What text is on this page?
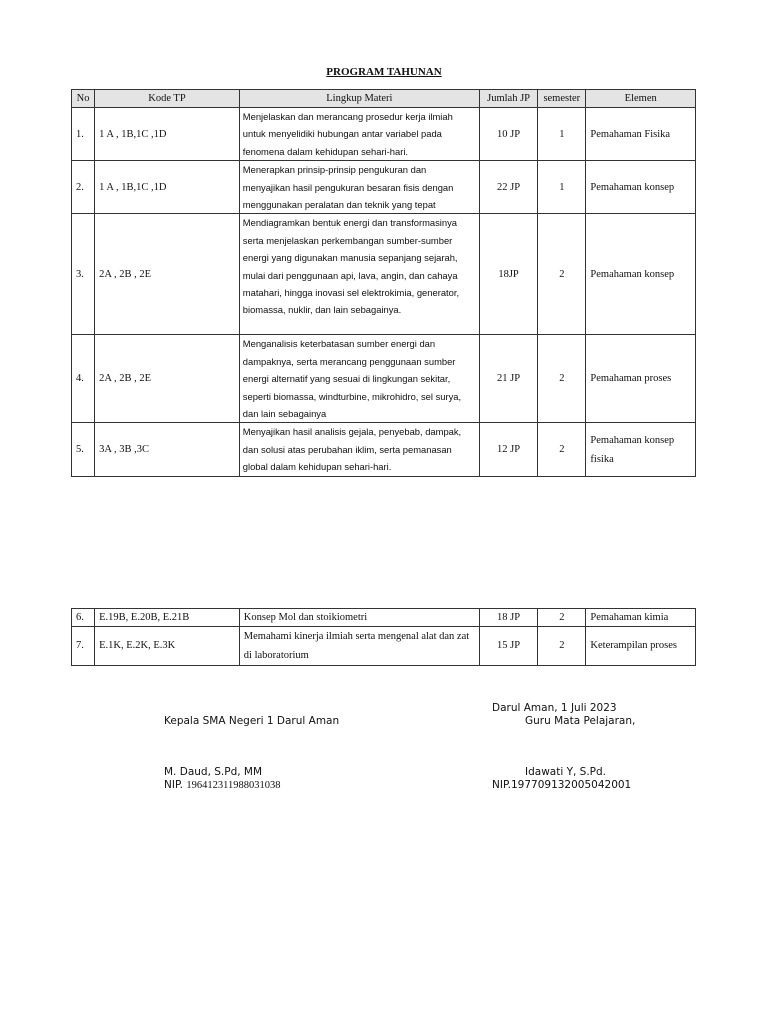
PROGRAM TAHUNAN
No	Kode TP	Lingkup Materi	Jumlah JP	semester	Elemen
1.	1 A , 1B,1C ,1D	Menjelaskan dan merancang prosedur kerja ilmiah untuk menyelidiki hubungan antar variabel pada fenomena dalam kehidupan sehari-hari.	10 JP	1	Pemahaman Fisika
2.	1 A , 1B,1C ,1D	Menerapkan prinsip-prinsip pengukuran dan menyajikan hasil pengukuran besaran fisis dengan menggunakan peralatan dan teknik yang tepat	22 JP	1	Pemahaman konsep
3.	2A , 2B , 2E	Mendiagramkan bentuk energi dan transformasinya serta menjelaskan perkembangan sumber-sumber energi yang digunakan manusia sepanjang sejarah, mulai dari penggunaan api, lava, angin, dan cahaya matahari, hingga inovasi sel elektrokimia, generator, biomassa, nuklir, dan lain sebagainya.	18JP	2	Pemahaman konsep
4.	2A , 2B , 2E	Menganalisis keterbatasan sumber energi dan dampaknya, serta merancang penggunaan sumber energi alternatif yang sesuai di lingkungan sekitar, seperti biomassa, windturbine, mikrohidro, sel surya, dan lain sebagainya	21 JP	2	Pemahaman proses
5.	3A , 3B ,3C	Menyajikan hasil analisis gejala, penyebab, dampak, dan solusi atas perubahan iklim, serta pemanasan global dalam kehidupan sehari-hari.	12 JP	2	Pemahaman konsep fisika
6.	E.19B, E.20B, E.21B	Konsep Mol dan stoikiometri	18 JP	2	Pemahaman kimia
7.	E.1K, E.2K, E.3K	Memahami kinerja ilmiah serta mengenal alat dan zat di laboratorium	15 JP	2	Keterampilan proses
Darul Aman, 1 Juli 2023
Kepala SMA Negeri 1 Darul Aman	Guru Mata Pelajaran,
M. Daud, S.Pd, MM	Idawati Y, S.Pd.
NIP. 196412311988031038	NIP.197709132005042001
